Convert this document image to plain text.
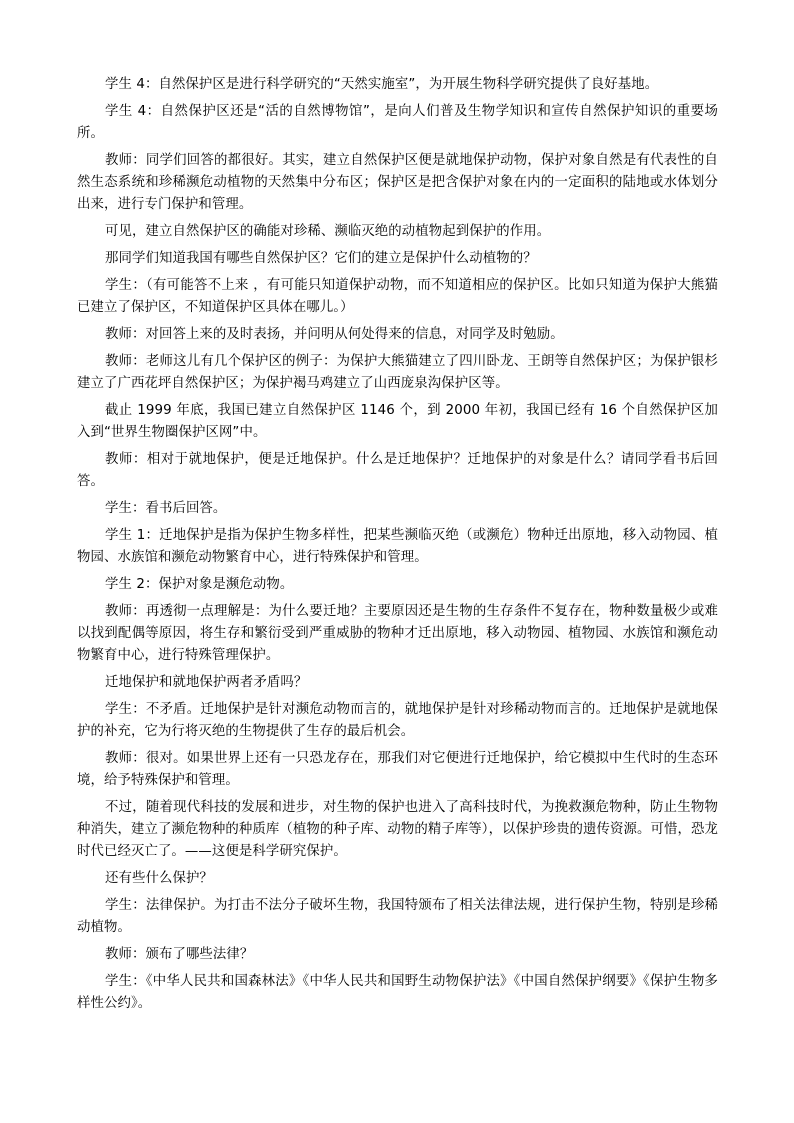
学生 4：自然保护区是进行科学研究的“天然实施室”，为开展生物科学研究提供了良好基地。

学生 4：自然保护区还是“活的自然博物馆”，是向人们普及生物学知识和宣传自然保护知识的重要场所。

教师：同学们回答的都很好。其实，建立自然保护区便是就地保护动物，保护对象自然是有代表性的自然生态系统和珍稀濒危动植物的天然集中分布区；保护区是把含保护对象在内的一定面积的陆地或水体划分出来，进行专门保护和管理。

可见，建立自然保护区的确能对珍稀、濒临灭绝的动植物起到保护的作用。

那同学们知道我国有哪些自然保护区？它们的建立是保护什么动植物的？

学生：（有可能答不上来 ，有可能只知道保护动物，而不知道相应的保护区。比如只知道为保护大熊猫已建立了保护区，不知道保护区具体在哪儿。）

教师：对回答上来的及时表扬，并问明从何处得来的信息，对同学及时勉励。

教师：老师这儿有几个保护区的例子：为保护大熊猫建立了四川卧龙、王朗等自然保护区；为保护银杉建立了广西花坪自然保护区；为保护褐马鸡建立了山西庞泉沟保护区等。

截止 1999 年底，我国已建立自然保护区 1146 个，到 2000 年初，我国已经有 16 个自然保护区加入到“世界生物圈保护区网”中。

教师：相对于就地保护，便是迁地保护。什么是迁地保护？迁地保护的对象是什么？请同学看书后回答。

学生：看书后回答。

学生 1：迁地保护是指为保护生物多样性，把某些濒临灭绝（或濒危）物种迁出原地，移入动物园、植物园、水族馆和濒危动物繁育中心，进行特殊保护和管理。

学生 2：保护对象是濒危动物。

教师：再透彻一点理解是：为什么要迁地？主要原因还是生物的生存条件不复存在，物种数量极少或难以找到配偶等原因，将生存和繁衍受到严重威胁的物种才迁出原地，移入动物园、植物园、水族馆和濒危动物繁育中心，进行特殊管理保护。

迁地保护和就地保护两者矛盾吗？

学生：不矛盾。迁地保护是针对濒危动物而言的，就地保护是针对珍稀动物而言的。迁地保护是就地保护的补充，它为行将灭绝的生物提供了生存的最后机会。

教师：很对。如果世界上还有一只恐龙存在，那我们对它便进行迁地保护，给它模拟中生代时的生态环境，给予特殊保护和管理。

不过，随着现代科技的发展和进步，对生物的保护也进入了高科技时代，为挽救濒危物种，防止生物物种消失，建立了濒危物种的种质库（植物的种子库、动物的精子库等），以保护珍贵的遗传资源。可惜，恐龙时代已经灭亡了。——这便是科学研究保护。

还有些什么保护？

学生：法律保护。为打击不法分子破坏生物，我国特颁布了相关法律法规，进行保护生物，特别是珍稀动植物。

教师：颁布了哪些法律？

学生：《中华人民共和国森林法》《中华人民共和国野生动物保护法》《中国自然保护纲要》《保护生物多样性公约》。
